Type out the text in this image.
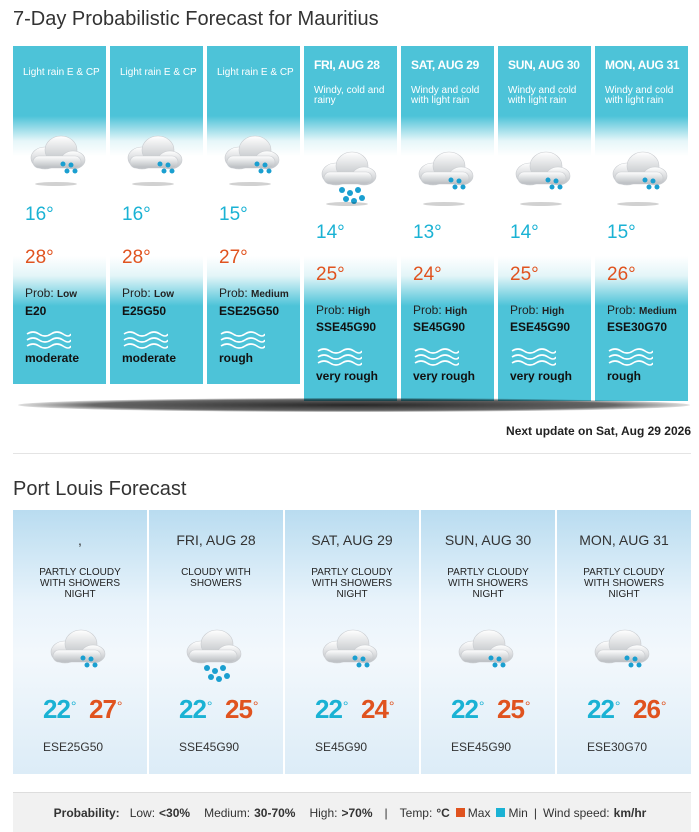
7-Day Probabilistic Forecast for Mauritius
Light rain E & CP
16°
28°
Prob: Low
E20
moderate
Light rain E & CP
16°
28°
Prob: Low
E25G50
moderate
Light rain E & CP
15°
27°
Prob: Medium
ESE25G50
rough
FRI, AUG 28
Windy, cold and rainy
14°
25°
Prob: High
SSE45G90
very rough
SAT, AUG 29
Windy and cold with light rain
13°
24°
Prob: High
SE45G90
very rough
SUN, AUG 30
Windy and cold with light rain
14°
25°
Prob: High
ESE45G90
very rough
MON, AUG 31
Windy and cold with light rain
15°
26°
Prob: Medium
ESE30G70
rough
Next update on Sat, Aug 29 2026
Port Louis Forecast
,
PARTLY CLOUDY WITH SHOWERS NIGHT
22° 27°
ESE25G50
FRI, AUG 28
CLOUDY WITH SHOWERS
22° 25°
SSE45G90
SAT, AUG 29
PARTLY CLOUDY WITH SHOWERS NIGHT
22° 24°
SE45G90
SUN, AUG 30
PARTLY CLOUDY WITH SHOWERS NIGHT
22° 25°
ESE45G90
MON, AUG 31
PARTLY CLOUDY WITH SHOWERS NIGHT
22° 26°
ESE30G70
Probability: Low: <30% Medium: 30-70% High: >70% | Temp: °C Max Min | Wind speed: km/hr
